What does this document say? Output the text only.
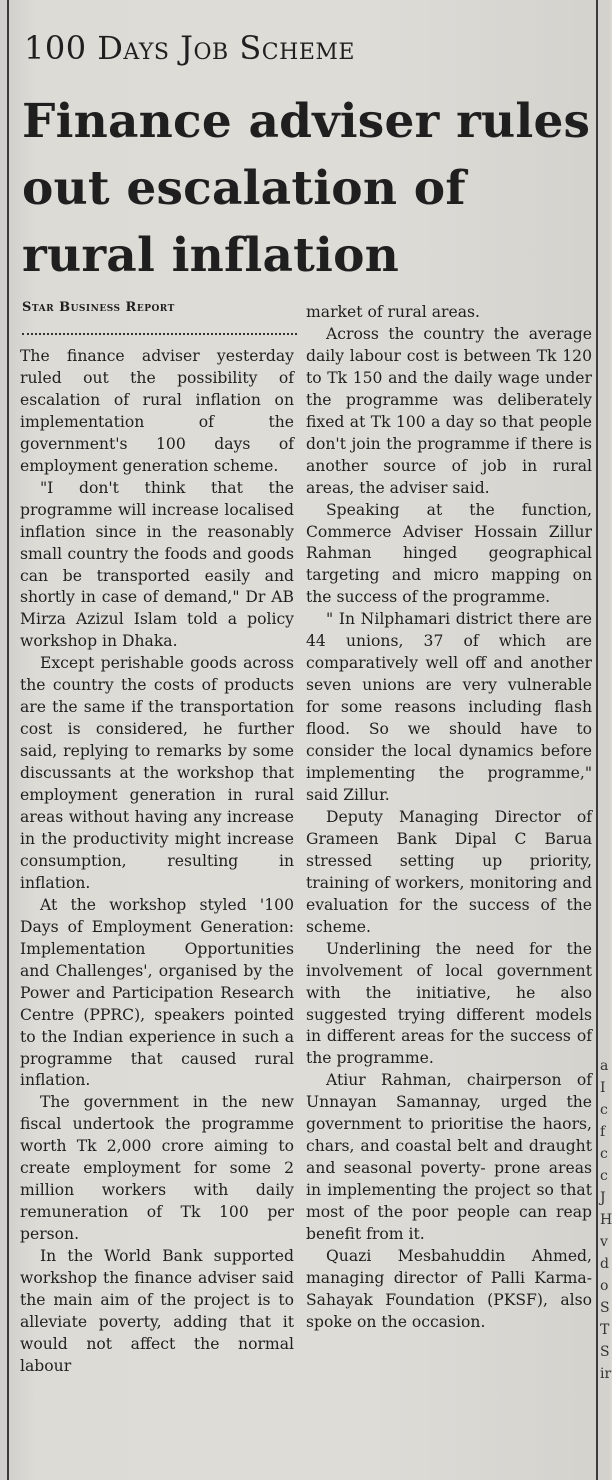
a I c f c c J H v d o S T S ir
100 Days Job Scheme
Finance adviser rules out escalation of rural inflation
Star Business Report

The finance adviser yesterday ruled out the possibility of escalation of rural inflation on implementation of the government's 100 days of employment generation scheme.

"I don't think that the programme will increase localised inflation since in the reasonably small country the foods and goods can be transported easily and shortly in case of demand," Dr AB Mirza Azizul Islam told a policy workshop in Dhaka.

Except perishable goods across the country the costs of products are the same if the transportation cost is considered, he further said, replying to remarks by some discussants at the workshop that employment generation in rural areas without having any increase in the productivity might increase consumption, resulting in inflation.

At the workshop styled '100 Days of Employment Generation: Implementation Opportunities and Challenges', organised by the Power and Participation Research Centre (PPRC), speakers pointed to the Indian experience in such a programme that caused rural inflation.

The government in the new fiscal undertook the programme worth Tk 2,000 crore aiming to create employment for some 2 million workers with daily remuneration of Tk 100 per person.

In the World Bank supported workshop the finance adviser said the main aim of the project is to alleviate poverty, adding that it would not affect the normal labour

market of rural areas.

Across the country the average daily labour cost is between Tk 120 to Tk 150 and the daily wage under the programme was deliberately fixed at Tk 100 a day so that people don't join the programme if there is another source of job in rural areas, the adviser said.

Speaking at the function, Commerce Adviser Hossain Zillur Rahman hinged geographical targeting and micro mapping on the success of the programme.

" In Nilphamari district there are 44 unions, 37 of which are comparatively well off and another seven unions are very vulnerable for some reasons including flash flood. So we should have to consider the local dynamics before implementing the programme," said Zillur.

Deputy Managing Director of Grameen Bank Dipal C Barua stressed setting up priority, training of workers, monitoring and evaluation for the success of the scheme.

Underlining the need for the involvement of local government with the initiative, he also suggested trying different models in different areas for the success of the programme.

Atiur Rahman, chairperson of Unnayan Samannay, urged the government to prioritise the haors, chars, and coastal belt and draught and seasonal poverty- prone areas in implementing the project so that most of the poor people can reap benefit from it.

Quazi Mesbahuddin Ahmed, managing director of Palli Karma-Sahayak Foundation (PKSF), also spoke on the occasion.
